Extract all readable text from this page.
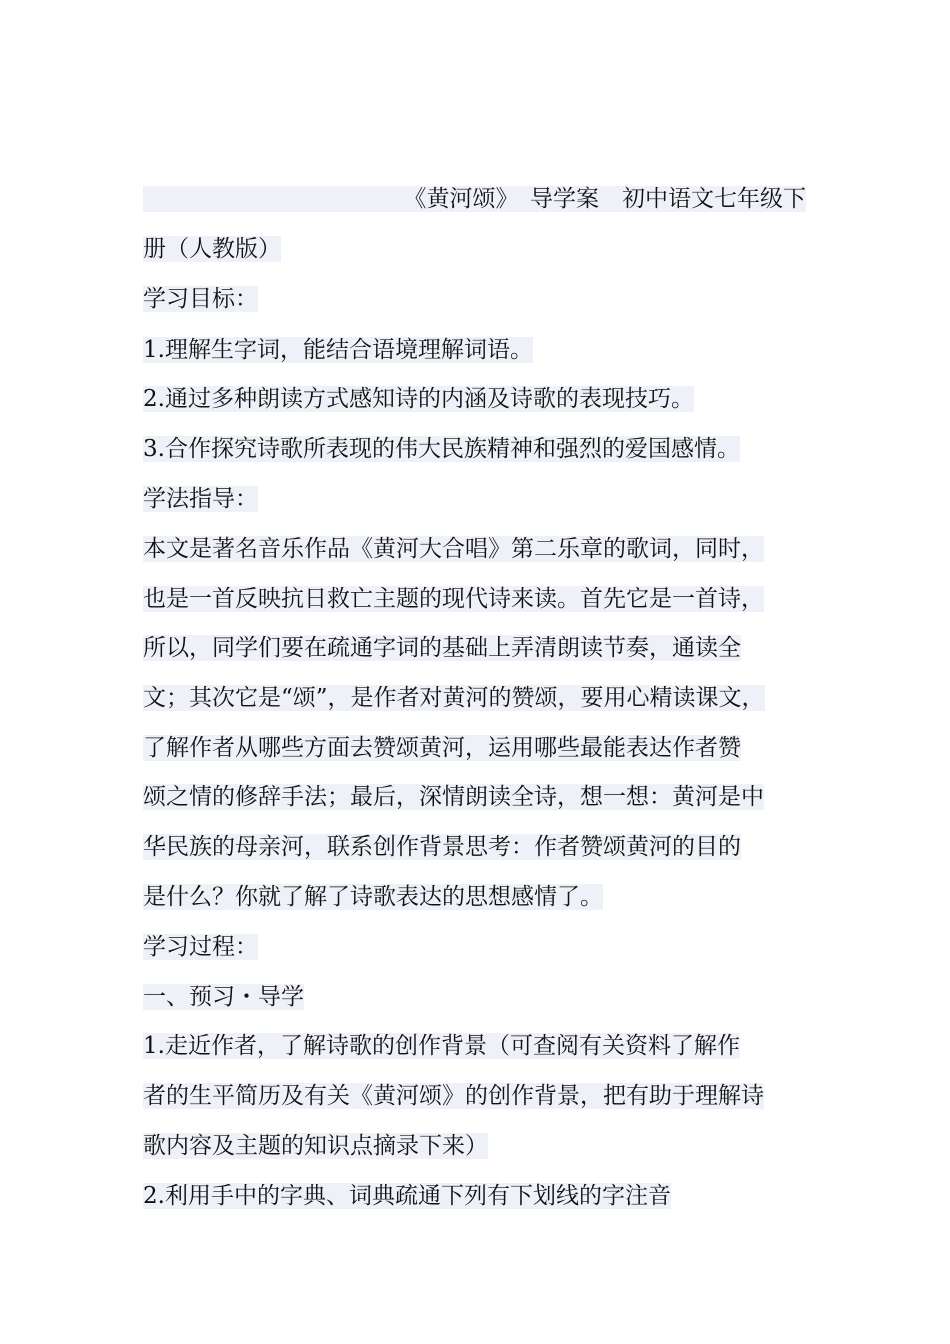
《黄河颂》　导学案　初中语文七年级下
册（人教版）
学习目标：
1.理解生字词，能结合语境理解词语。
2.通过多种朗读方式感知诗的内涵及诗歌的表现技巧。
3.合作探究诗歌所表现的伟大民族精神和强烈的爱国感情。
学法指导：
本文是著名音乐作品《黄河大合唱》第二乐章的歌词，同时，
也是一首反映抗日救亡主题的现代诗来读。首先它是一首诗，
所以，同学们要在疏通字词的基础上弄清朗读节奏，通读全
文；其次它是“颂”，是作者对黄河的赞颂，要用心精读课文，
了解作者从哪些方面去赞颂黄河，运用哪些最能表达作者赞
颂之情的修辞手法；最后，深情朗读全诗，想一想：黄河是中
华民族的母亲河，联系创作背景思考：作者赞颂黄河的目的
是什么？你就了解了诗歌表达的思想感情了。
学习过程：
一、预习・导学
1.走近作者，了解诗歌的创作背景（可查阅有关资料了解作
者的生平简历及有关《黄河颂》的创作背景，把有助于理解诗
歌内容及主题的知识点摘录下来）
2.利用手中的字典、词典疏通下列有下划线的字注音
